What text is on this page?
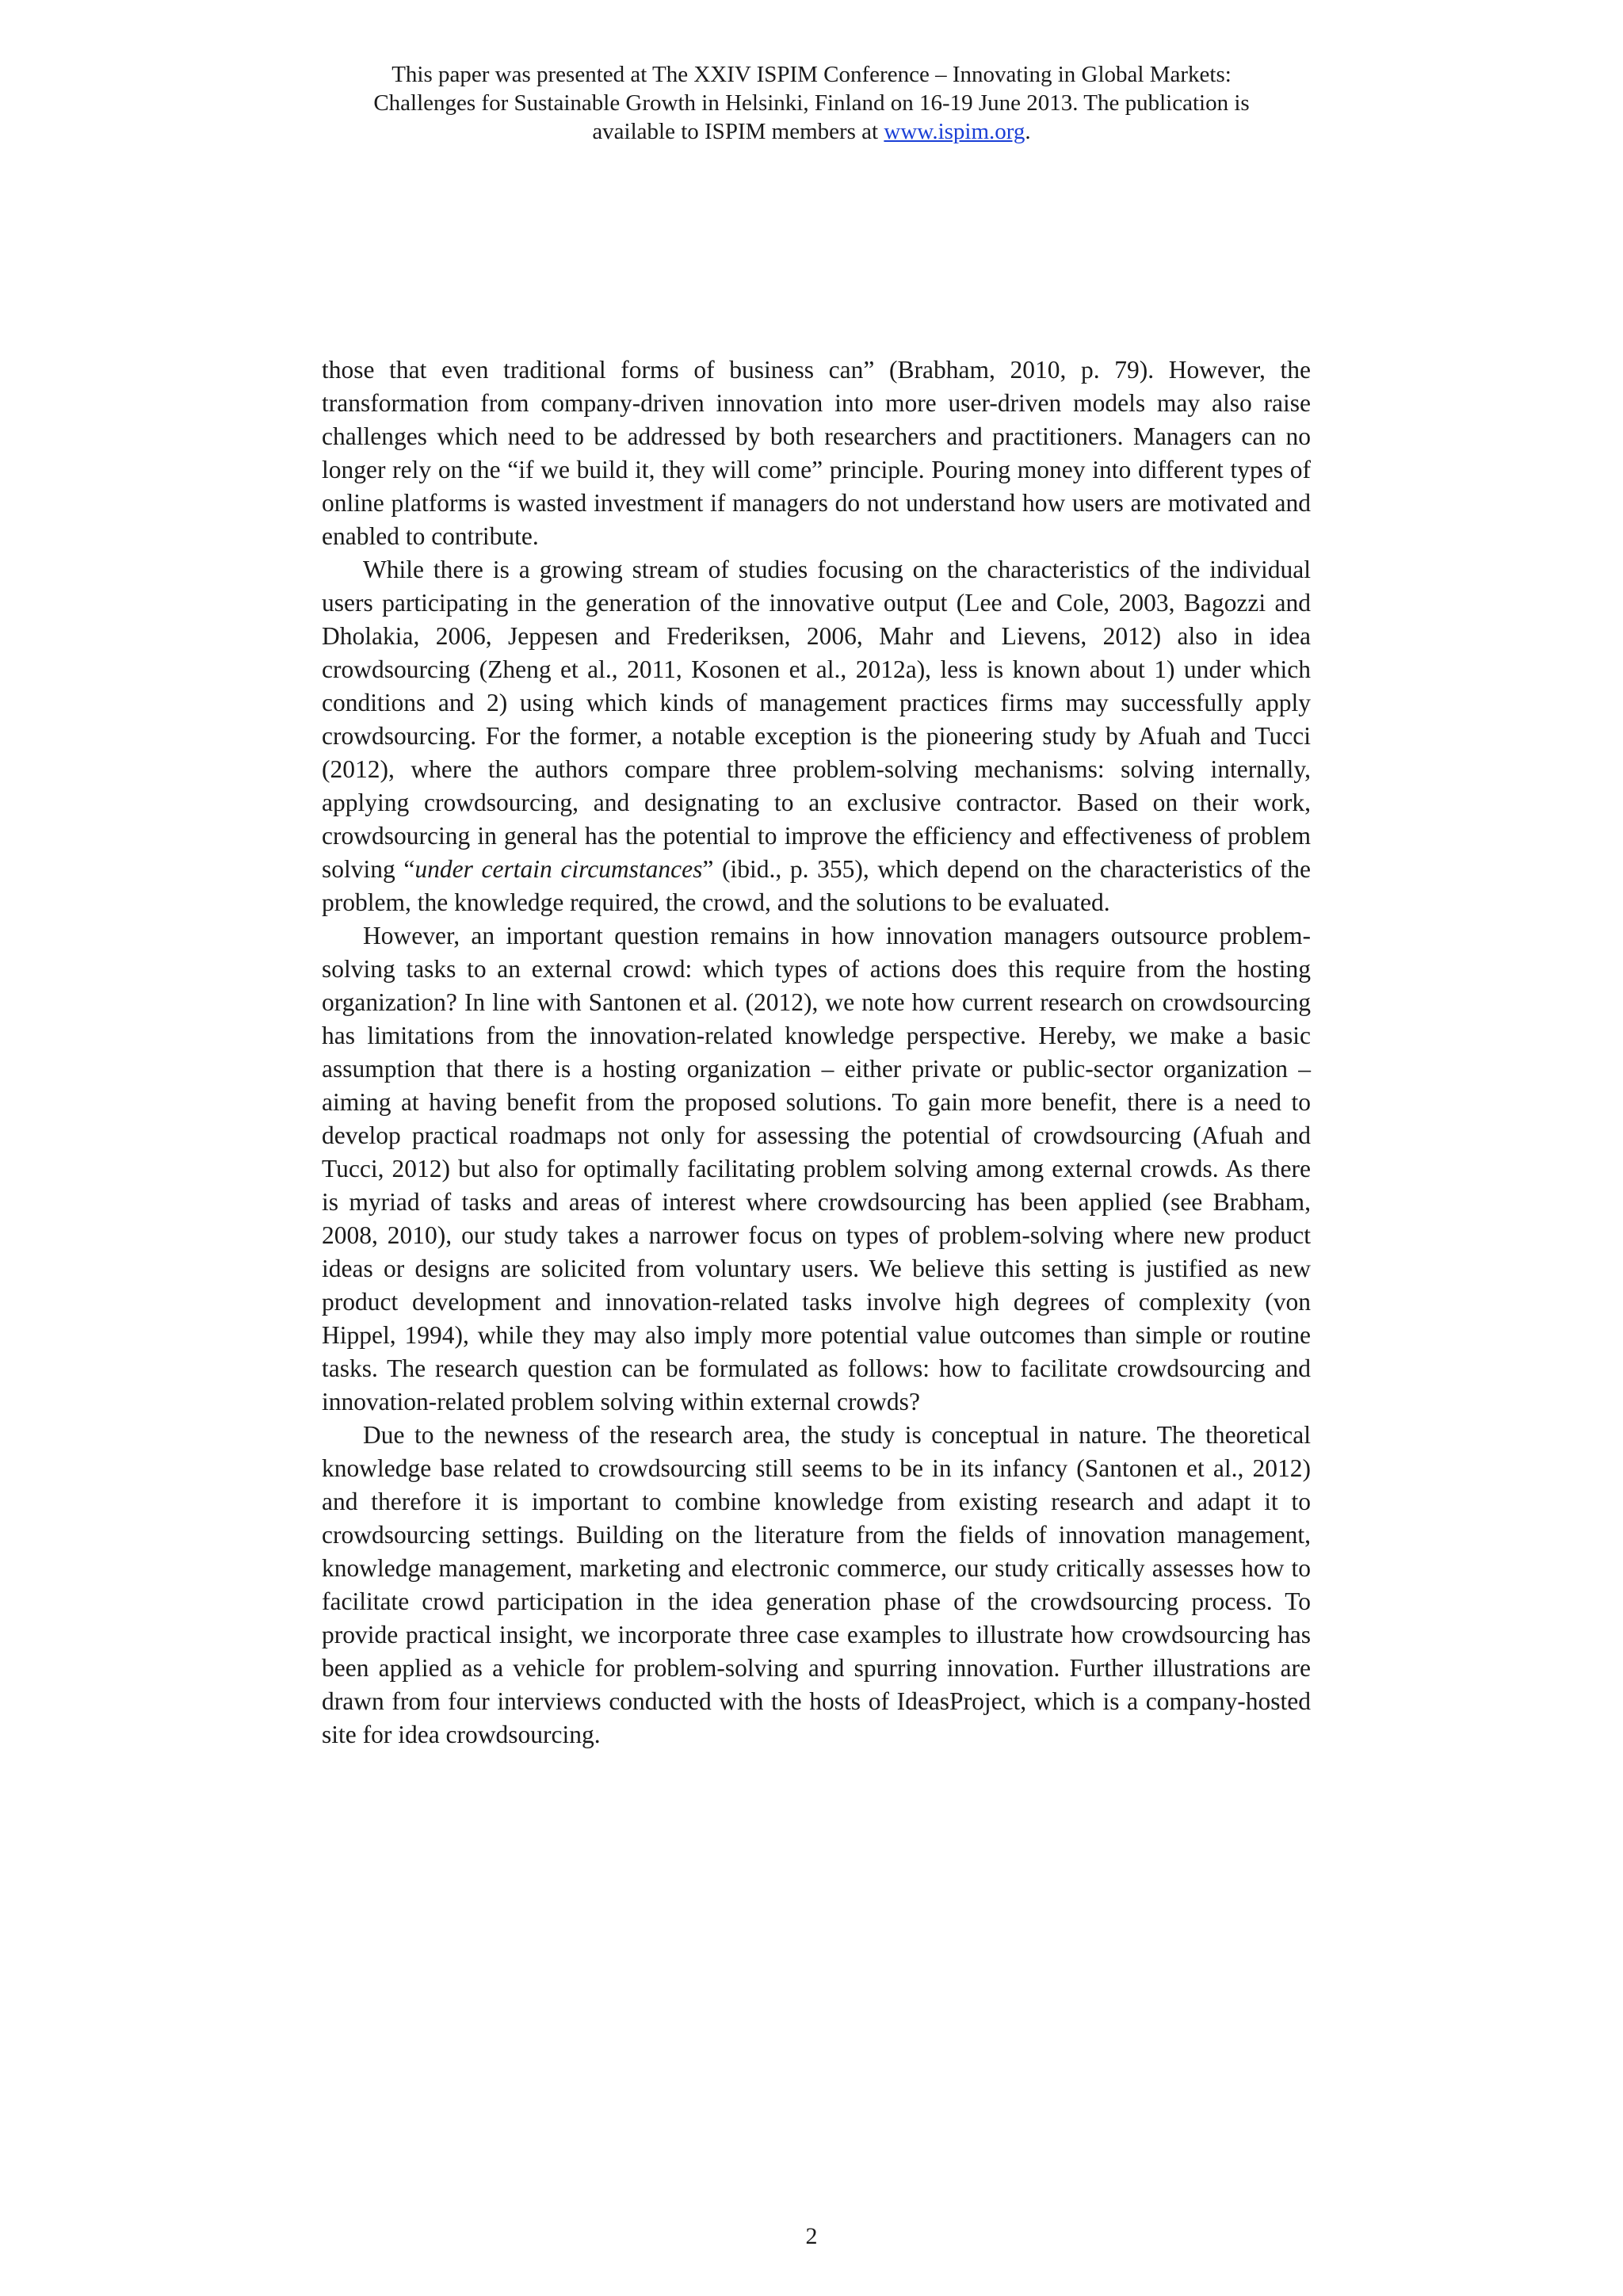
This paper was presented at The XXIV ISPIM Conference – Innovating in Global Markets:
Challenges for Sustainable Growth in Helsinki, Finland on 16-19 June 2013. The publication is
available to ISPIM members at www.ispim.org.

those that even traditional forms of business can” (Brabham, 2010, p. 79). However, the transformation from company-driven innovation into more user-driven models may also raise challenges which need to be addressed by both researchers and practitioners. Managers can no longer rely on the “if we build it, they will come” principle. Pouring money into different types of online platforms is wasted investment if managers do not understand how users are motivated and enabled to contribute.

While there is a growing stream of studies focusing on the characteristics of the individual users participating in the generation of the innovative output (Lee and Cole, 2003, Bagozzi and Dholakia, 2006, Jeppesen and Frederiksen, 2006, Mahr and Lievens, 2012) also in idea crowdsourcing (Zheng et al., 2011, Kosonen et al., 2012a), less is known about 1) under which conditions and 2) using which kinds of management practices firms may successfully apply crowdsourcing. For the former, a notable exception is the pioneering study by Afuah and Tucci (2012), where the authors compare three problem-solving mechanisms: solving internally, applying crowdsourcing, and designating to an exclusive contractor. Based on their work, crowdsourcing in general has the potential to improve the efficiency and effectiveness of problem solving “under certain circumstances” (ibid., p. 355), which depend on the characteristics of the problem, the knowledge required, the crowd, and the solutions to be evaluated.

However, an important question remains in how innovation managers outsource problem-solving tasks to an external crowd: which types of actions does this require from the hosting organization? In line with Santonen et al. (2012), we note how current research on crowdsourcing has limitations from the innovation-related knowledge perspective. Hereby, we make a basic assumption that there is a hosting organization – either private or public-sector organization – aiming at having benefit from the proposed solutions. To gain more benefit, there is a need to develop practical roadmaps not only for assessing the potential of crowdsourcing (Afuah and Tucci, 2012) but also for optimally facilitating problem solving among external crowds. As there is myriad of tasks and areas of interest where crowdsourcing has been applied (see Brabham, 2008, 2010), our study takes a narrower focus on types of problem-solving where new product ideas or designs are solicited from voluntary users. We believe this setting is justified as new product development and innovation-related tasks involve high degrees of complexity (von Hippel, 1994), while they may also imply more potential value outcomes than simple or routine tasks. The research question can be formulated as follows: how to facilitate crowdsourcing and innovation-related problem solving within external crowds?

Due to the newness of the research area, the study is conceptual in nature. The theoretical knowledge base related to crowdsourcing still seems to be in its infancy (Santonen et al., 2012) and therefore it is important to combine knowledge from existing research and adapt it to crowdsourcing settings. Building on the literature from the fields of innovation management, knowledge management, marketing and electronic commerce, our study critically assesses how to facilitate crowd participation in the idea generation phase of the crowdsourcing process. To provide practical insight, we incorporate three case examples to illustrate how crowdsourcing has been applied as a vehicle for problem-solving and spurring innovation. Further illustrations are drawn from four interviews conducted with the hosts of IdeasProject, which is a company-hosted site for idea crowdsourcing.

2
